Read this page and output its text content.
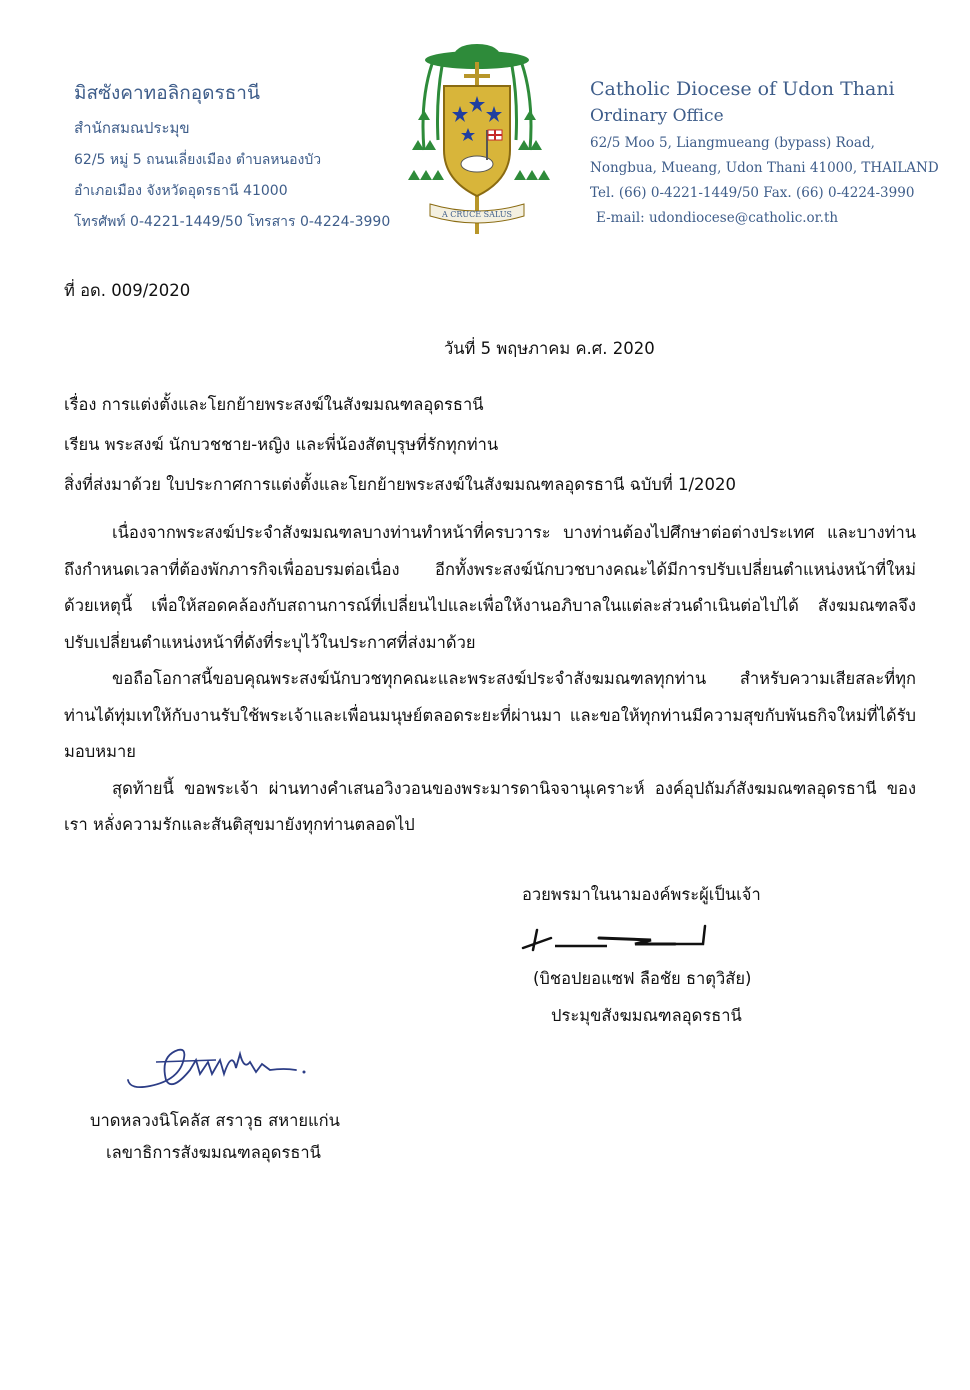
มิสซังคาทอลิกอุดรธานี
สำนักสมณประมุข
62/5 หมู่ 5 ถนนเลี่ยงเมือง ตำบลหนองบัว
อำเภอเมือง จังหวัดอุดรธานี 41000
โทรศัพท์ 0-4221-1449/50 โทรสาร 0-4224-3990	A CRUCE SALUS
Catholic Diocese of Udon Thani
Ordinary Office
62/5 Moo 5, Liangmueang (bypass) Road,
Nongbua, Mueang, Udon Thani 41000, THAILAND
Tel. (66) 0-4221-1449/50 Fax. (66) 0-4224-3990
E-mail: udondiocese@catholic.or.th
ที่ อด. 009/2020
วันที่ 5 พฤษภาคม ค.ศ. 2020
เรื่อง การแต่งตั้งและโยกย้ายพระสงฆ์ในสังฆมณฑลอุดรธานี
เรียน พระสงฆ์ นักบวชชาย-หญิง และพี่น้องสัตบุรุษที่รักทุกท่าน
สิ่งที่ส่งมาด้วย ใบประกาศการแต่งตั้งและโยกย้ายพระสงฆ์ในสังฆมณฑลอุดรธานี ฉบับที่ 1/2020

เนื่องจากพระสงฆ์ประจำสังฆมณฑลบางท่านทำหน้าที่ครบวาระ บางท่านต้องไปศึกษาต่อต่างประเทศ และบางท่านถึงกำหนดเวลาที่ต้องพักภารกิจเพื่ออบรมต่อเนื่อง อีกทั้งพระสงฆ์นักบวชบางคณะได้มีการปรับเปลี่ยนตำแหน่งหน้าที่ใหม่ ด้วยเหตุนี้ เพื่อให้สอดคล้องกับสถานการณ์ที่เปลี่ยนไปและเพื่อให้งานอภิบาลในแต่ละส่วนดำเนินต่อไปได้ สังฆมณฑลจึงปรับเปลี่ยนตำแหน่งหน้าที่ดังที่ระบุไว้ในประกาศที่ส่งมาด้วย

ขอถือโอกาสนี้ขอบคุณพระสงฆ์นักบวชทุกคณะและพระสงฆ์ประจำสังฆมณฑลทุกท่าน สำหรับความเสียสละที่ทุกท่านได้ทุ่มเทให้กับงานรับใช้พระเจ้าและเพื่อนมนุษย์ตลอดระยะที่ผ่านมา และขอให้ทุกท่านมีความสุขกับพันธกิจใหม่ที่ได้รับมอบหมาย

สุดท้ายนี้ ขอพระเจ้า ผ่านทางคำเสนอวิงวอนของพระมารดานิจจานุเคราะห์ องค์อุปถัมภ์สังฆมณฑลอุดรธานี ของเรา หลั่งความรักและสันติสุขมายังทุกท่านตลอดไป

อวยพรมาในนามองค์พระผู้เป็นเจ้า
(บิชอปยอแซฟ ลือชัย ธาตุวิสัย)
ประมุขสังฆมณฑลอุดรธานี
บาดหลวงนิโคลัส สราวุธ สหายแก่น
เลขาธิการสังฆมณฑลอุดรธานี
